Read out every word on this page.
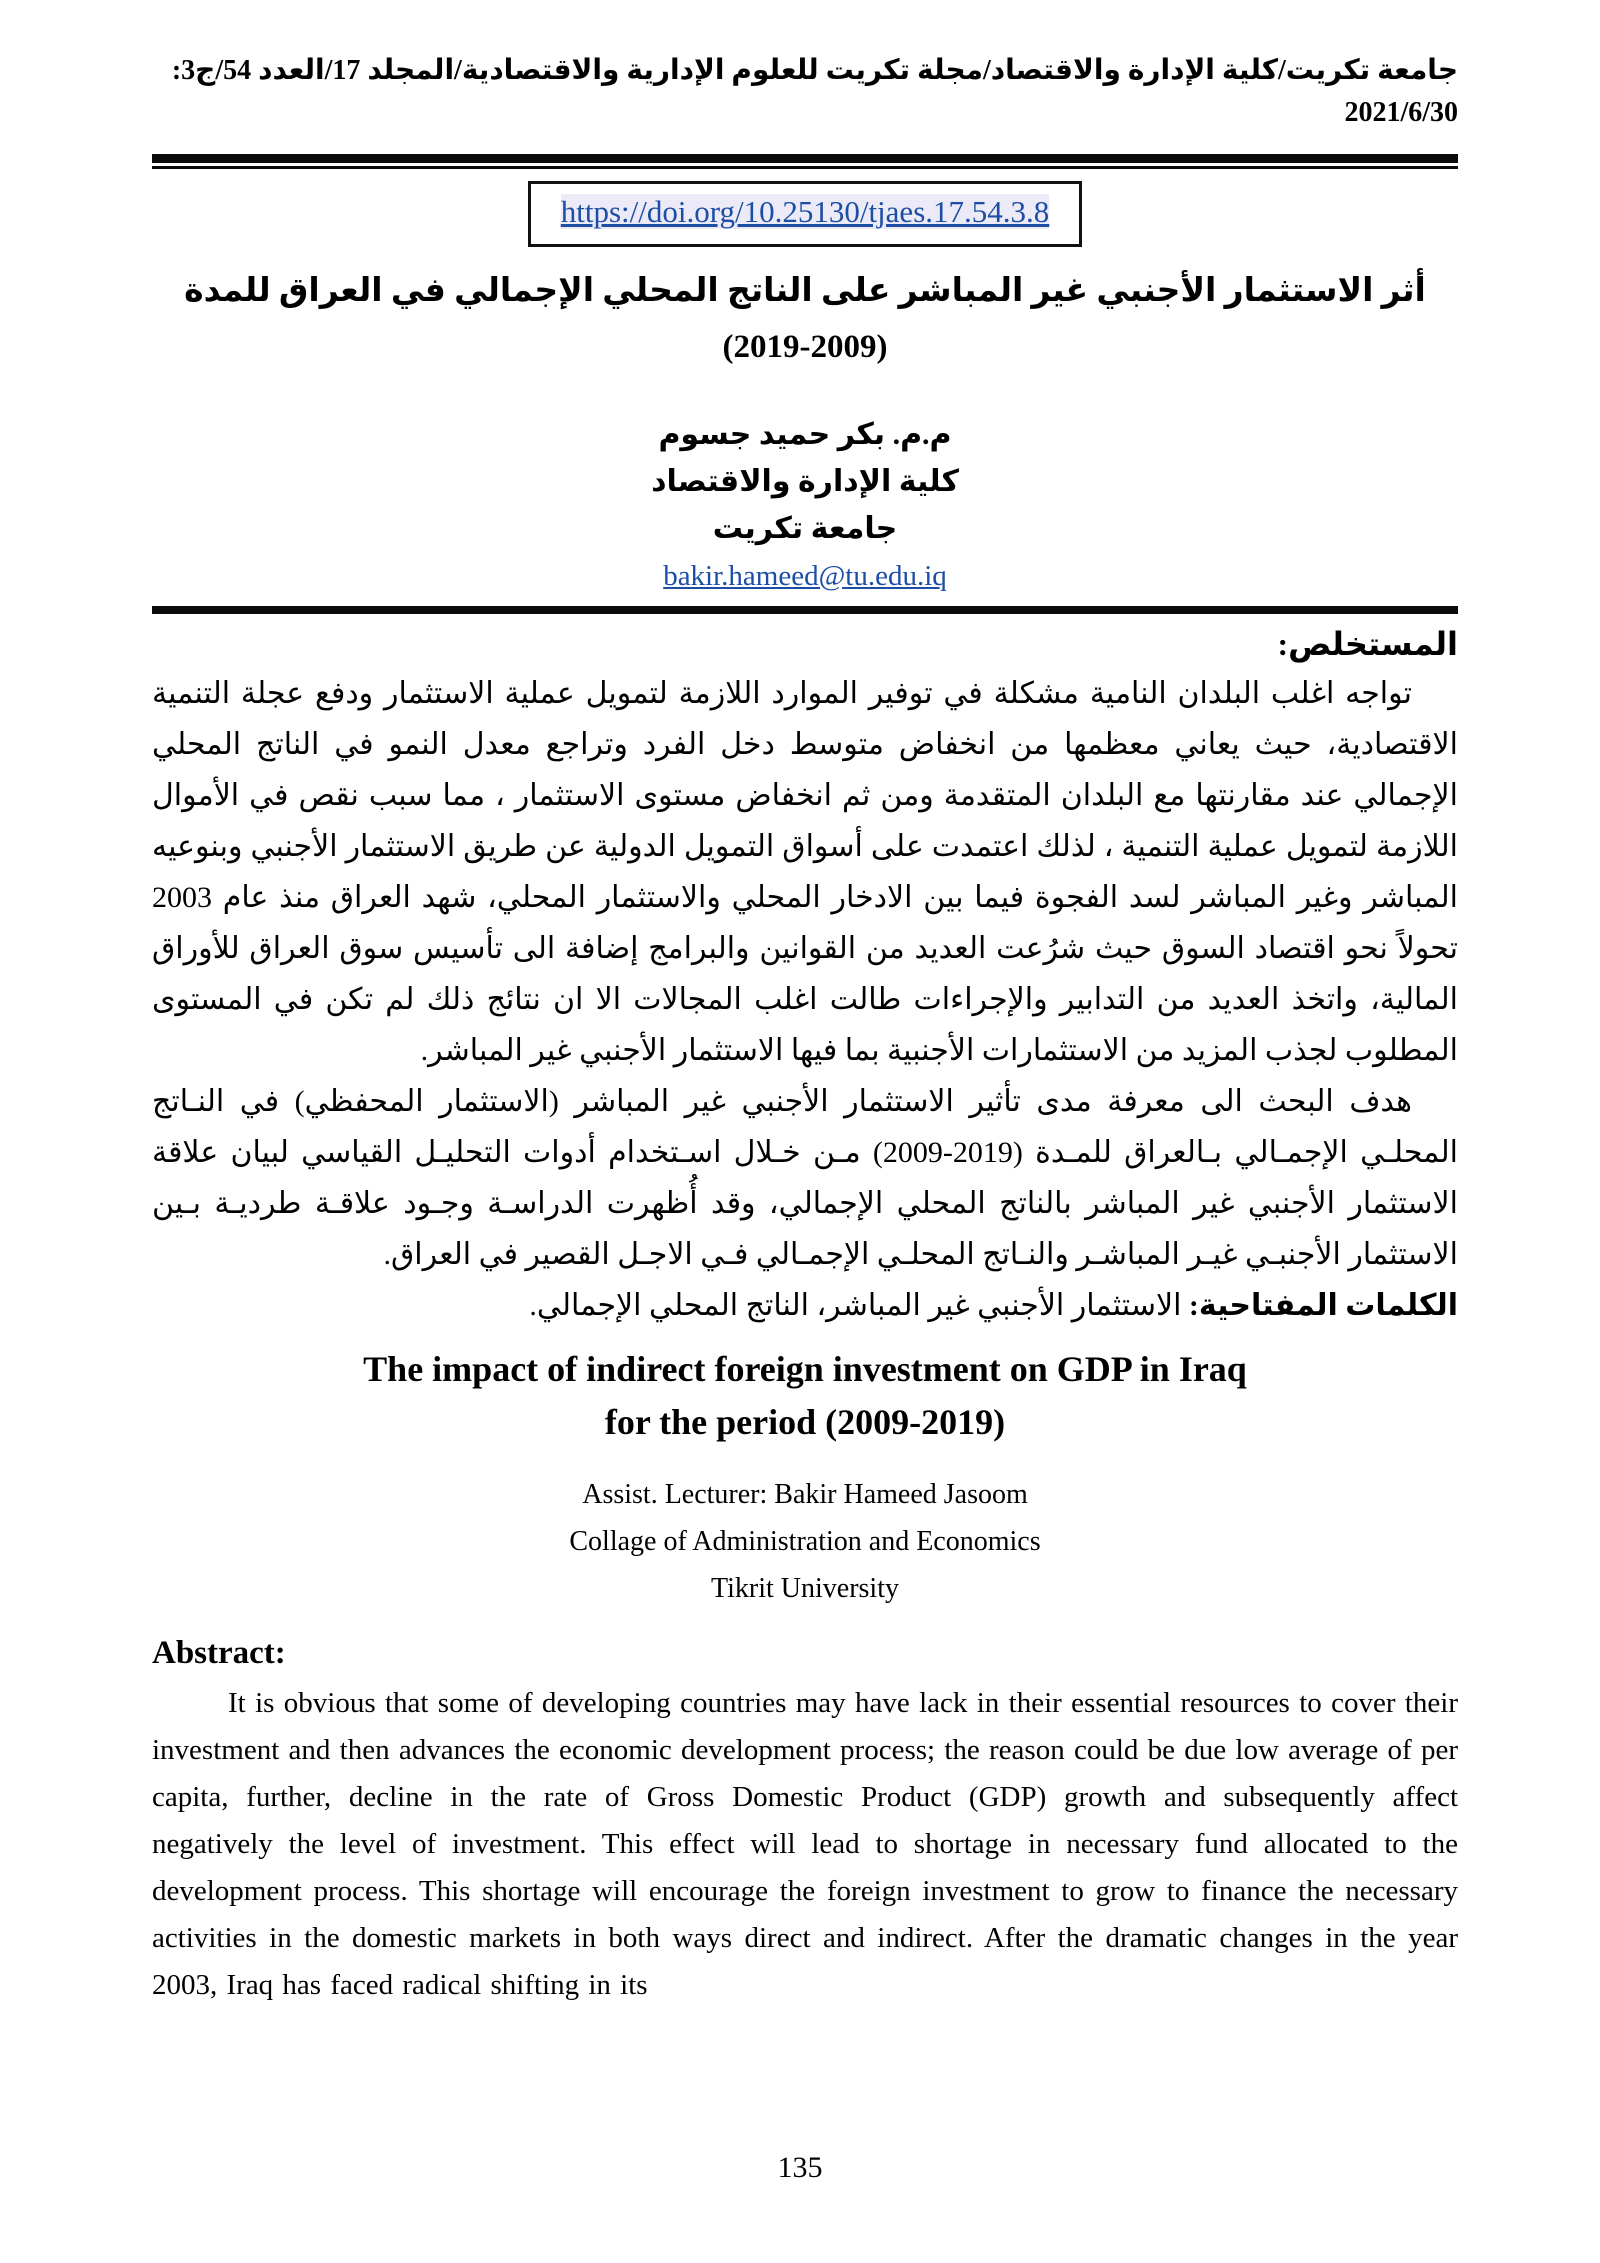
جامعة تكريت/كلية الإدارة والاقتصاد/مجلة تكريت للعلوم الإدارية والاقتصادية/المجلد 17/العدد 54/ج3: 2021/6/30
https://doi.org/10.25130/tjaes.17.54.3.8
أثر الاستثمار الأجنبي غير المباشر على الناتج المحلي الإجمالي في العراق للمدة
(2019-2009)
م.م. بكر حميد جسوم
كلية الإدارة والاقتصاد
جامعة تكريت
bakir.hameed@tu.edu.iq
المستخلص:

تواجه اغلب البلدان النامية مشكلة في توفير الموارد اللازمة لتمويل عملية الاستثمار ودفع عجلة التنمية الاقتصادية، حيث يعاني معظمها من انخفاض متوسط دخل الفرد وتراجع معدل النمو في الناتج المحلي الإجمالي عند مقارنتها مع البلدان المتقدمة ومن ثم انخفاض مستوى الاستثمار ، مما سبب نقص في الأموال اللازمة لتمويل عملية التنمية ، لذلك اعتمدت على أسواق التمويل الدولية عن طريق الاستثمار الأجنبي وبنوعيه المباشر وغير المباشر لسد الفجوة فيما بين الادخار المحلي والاستثمار المحلي، شهد العراق منذ عام 2003 تحولاً نحو اقتصاد السوق حيث شرُعت العديد من القوانين والبرامج إضافة الى تأسيس سوق العراق للأوراق المالية، واتخذ العديد من التدابير والإجراءات طالت اغلب المجالات الا ان نتائج ذلك لم تكن في المستوى المطلوب لجذب المزيد من الاستثمارات الأجنبية بما فيها الاستثمار الأجنبي غير المباشر.

هدف البحث الى معرفة مدى تأثير الاستثمار الأجنبي غير المباشر (الاستثمار المحفظي) في النـاتج المحلـي الإجمـالي بـالعراق للمـدة (2019-2009) مـن خـلال اسـتخدام أدوات التحليـل القياسي لبيان علاقة الاستثمار الأجنبي غير المباشر بالناتج المحلي الإجمالي، وقد أُظهرت الدراسـة وجـود علاقـة طرديـة بـين الاستثمار الأجنبـي غيـر المباشـر والنـاتج المحلـي الإجمـالي فـي الاجـل القصير في العراق.

الكلمات المفتاحية: الاستثمار الأجنبي غير المباشر، الناتج المحلي الإجمالي.
The impact of indirect foreign investment on GDP in Iraq
for the period (2009-2019)
Assist. Lecturer: Bakir Hameed Jasoom
Collage of Administration and Economics
Tikrit University
Abstract:

It is obvious that some of developing countries may have lack in their essential resources to cover their investment and then advances the economic development process; the reason could be due low average of per capita, further, decline in the rate of Gross Domestic Product (GDP) growth and subsequently affect negatively the level of investment. This effect will lead to shortage in necessary fund allocated to the development process. This shortage will encourage the foreign investment to grow to finance the necessary activities in the domestic markets in both ways direct and indirect. After the dramatic changes in the year 2003, Iraq has faced radical shifting in its

135
